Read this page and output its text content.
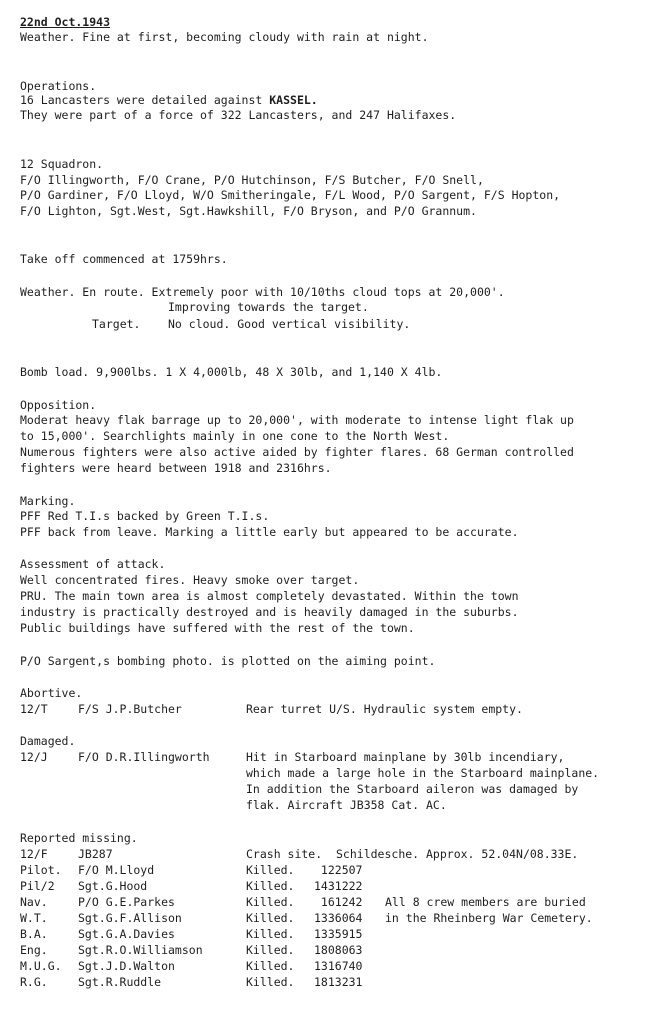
22nd Oct.1943
Weather. Fine at first, becoming cloudy with rain at night.
Operations.
16 Lancasters were detailed against KASSEL.
They were part of a force of 322 Lancasters, and 247 Halifaxes.
12 Squadron.
F/O Illingworth, F/O Crane, P/O Hutchinson, F/S Butcher, F/O Snell,
P/O Gardiner, F/O Lloyd, W/O Smitheringale, F/L Wood, P/O Sargent, F/S Hopton,
F/O Lighton, Sgt.West, Sgt.Hawkshill, F/O Bryson, and P/O Grannum.
Take off commenced at 1759hrs.
Weather. En route. Extremely poor with 10/10ths cloud tops at 20,000'.
Improving towards the target.
Target. No cloud. Good vertical visibility.
Bomb load. 9,900lbs. 1 X 4,000lb, 48 X 30lb, and 1,140 X 4lb.
Opposition.
Moderat heavy flak barrage up to 20,000', with moderate to intense light flak up
to 15,000'. Searchlights mainly in one cone to the North West.
Numerous fighters were also active aided by fighter flares. 68 German controlled
fighters were heard between 1918 and 2316hrs.
Marking.
PFF Red T.I.s backed by Green T.I.s.
PFF back from leave. Marking a little early but appeared to be accurate.
Assessment of attack.
Well concentrated fires. Heavy smoke over target.
PRU. The main town area is almost completely devastated. Within the town
industry is practically destroyed and is heavily damaged in the suburbs.
Public buildings have suffered with the rest of the town.
P/O Sargent,s bombing photo. is plotted on the aiming point.
Abortive.
12/T	F/S J.P.Butcher	Rear turret U/S. Hydraulic system empty.
Damaged.
12/J	F/O D.R.Illingworth	Hit in Starboard mainplane by 30lb incendiary,
which made a large hole in the Starboard mainplane.
In addition the Starboard aileron was damaged by
flak. Aircraft JB358 Cat. AC.
Reported missing.
12/F	JB287	Crash site.  Schildesche. Approx. 52.04N/08.33E.
Pilot. F/O M.Lloyd	Killed. 122507
Pil/2 Sgt.G.Hood	Killed. 1431222
Nav.	P/O G.E.Parkes	Killed. 161242
W.T.	Sgt.G.F.Allison	Killed. 1336064
B.A.	Sgt.G.A.Davies	Killed. 1335915
Eng.	Sgt.R.O.Williamson	Killed. 1808063
M.U.G. Sgt.J.D.Walton	Killed. 1316740
R.G.	Sgt.R.Ruddle	Killed. 1813231
All 8 crew members are buried
in the Rheinberg War Cemetery.
